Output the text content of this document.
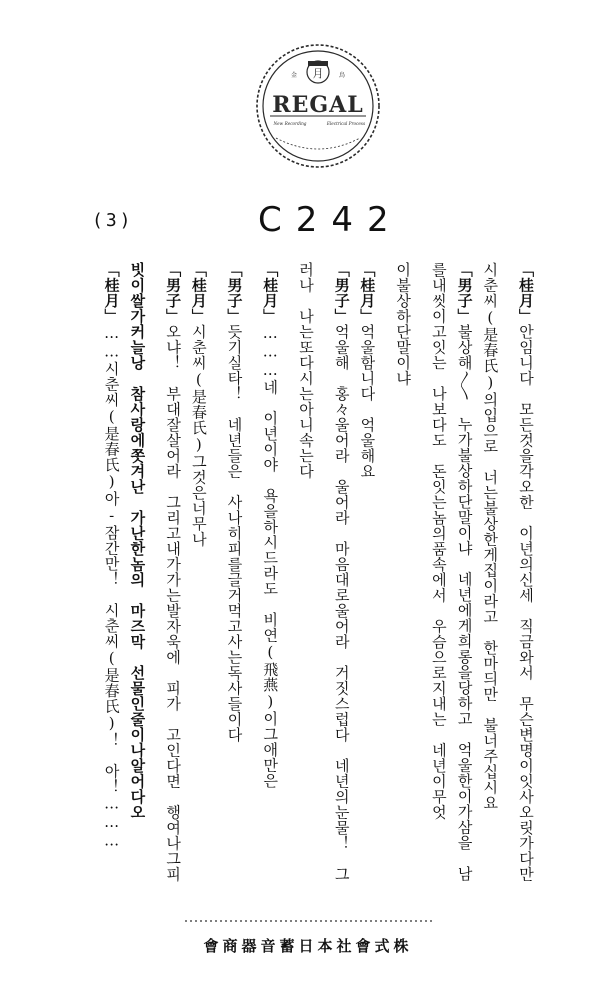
月
金	鳥
REGAL
New Recording	Electrical Process
(3)	C242
「桂月」안임니다　모든것을각오한　이년의신세　직금와서　무슨변명이잇사오릿가다만
시춘씨(是春氏)의입으로　너는불상한게집이라고　한마듸만　불너주십시요
「男子」불상해〳〵　누가불상하단말이냐　네년에게희롱을당하고　억울한이가삼을　남
를내씻이고잇는　나보다도　돈잇는놈의품속에서　우슴으로지내는　네년이무엇
이불상하단말이냐
「桂月」억울함니다　억울해요
「男子」억울해　홍々울어라　울어라　마음대로울어라　거짓스럽다　네년의눈물！　그
러나　나는또다시는아니속는다
「桂月」………네　이년이야　욕을하시드라도　비연(飛燕)이그애만은
「男子」듯기실타！　네년들은　사나히피를글거먹고사는독사들이다
「桂月」시춘씨(是春氏)그것은너무나
「男子」오냐！　부대잘살어라　그리고내가가는발자욱에　피가　고인다면　행여나그피
빗이쌀가커늘낭　참사랑에쫏겨난　가난한놈의　마즈막　선물인줄이나알어다오
「桂月」……시춘씨(是春氏)아-잠간만！　시춘씨(是春氏)！　아！………
會商器音蓄日本社會式株
